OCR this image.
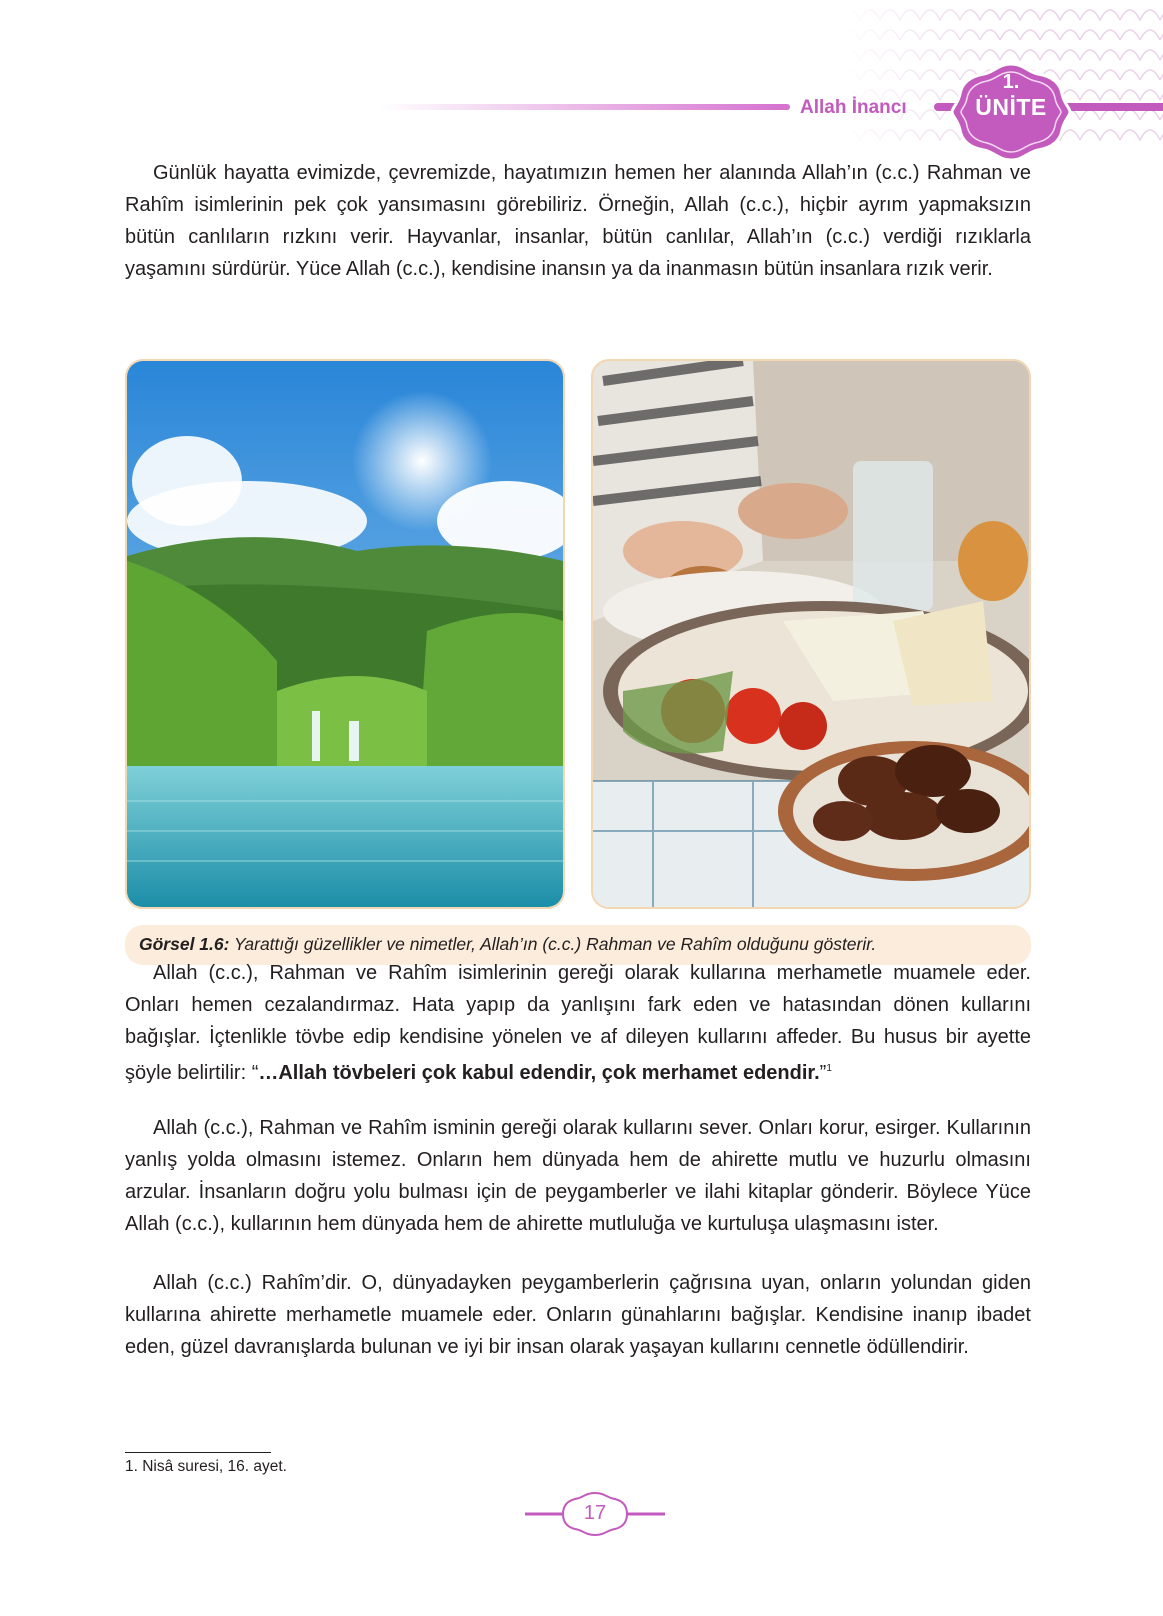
Allah İnancı
1.
ÜNİTE

Günlük hayatta evimizde, çevremizde, hayatımızın hemen her alanında Allah’ın (c.c.) Rahman ve Rahîm isimlerinin pek çok yansımasını görebiliriz. Örneğin, Allah (c.c.), hiçbir ayrım yapmaksızın bütün canlıların rızkını verir. Hayvanlar, insanlar, bütün canlılar, Allah’ın (c.c.) verdiği rızıklarla yaşamını sürdürür. Yüce Allah (c.c.), kendisine inansın ya da inanmasın bütün insanlara rızık verir.

Görsel 1.6: Yarattığı güzellikler ve nimetler, Allah’ın (c.c.) Rahman ve Rahîm olduğunu gösterir.

Allah (c.c.), Rahman ve Rahîm isimlerinin gereği olarak kullarına merhametle muamele eder. Onları hemen cezalandırmaz. Hata yapıp da yanlışını fark eden ve hatasından dönen kullarını bağışlar. İçtenlikle tövbe edip kendisine yönelen ve af dileyen kullarını affeder. Bu husus bir ayette şöyle belirtilir: “…Allah tövbeleri çok kabul edendir, çok merhamet edendir.”$^1$

Allah (c.c.), Rahman ve Rahîm isminin gereği olarak kullarını sever. Onları korur, esirger. Kullarının yanlış yolda olmasını istemez. Onların hem dünyada hem de ahirette mutlu ve huzurlu olmasını arzular. İnsanların doğru yolu bulması için de peygamberler ve ilahi kitaplar gönderir. Böylece Yüce Allah (c.c.), kullarının hem dünyada hem de ahirette mutluluğa ve kurtuluşa ulaşmasını ister.

Allah (c.c.) Rahîm’dir. O, dünyadayken peygamberlerin çağrısına uyan, onların yolundan giden kullarına ahirette merhametle muamele eder. Onların günahlarını bağışlar. Kendisine inanıp ibadet eden, güzel davranışlarda bulunan ve iyi bir insan olarak yaşayan kullarını cennetle ödüllendirir.

1. Nisâ suresi, 16. ayet.
17
